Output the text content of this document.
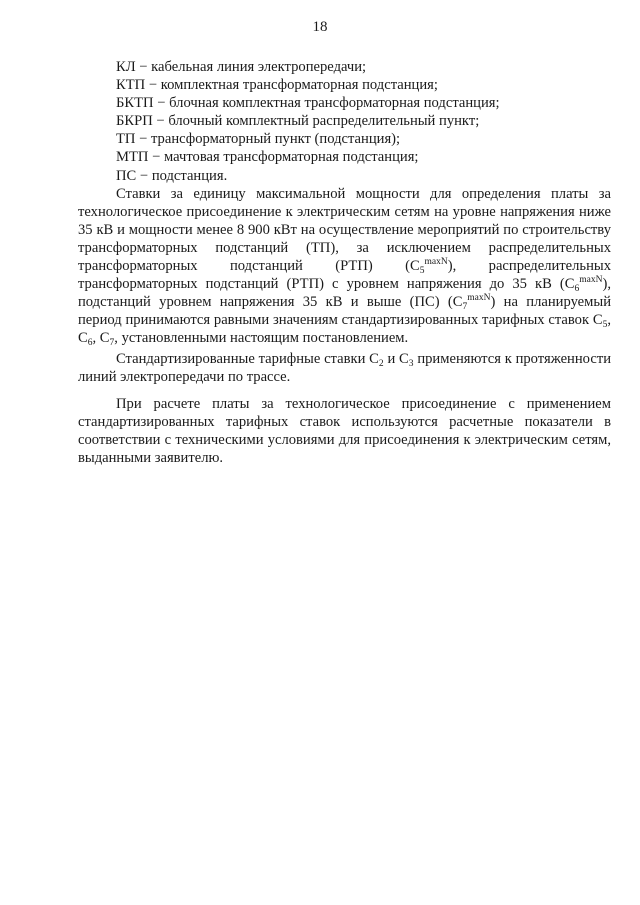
18

КЛ − кабельная линия электропередачи;

КТП − комплектная трансформаторная подстанция;

БКТП − блочная комплектная трансформаторная подстанция;

БКРП − блочный комплектный распределительный пункт;

ТП − трансформаторный пункт (подстанция);

МТП − мачтовая трансформаторная подстанция;

ПС − подстанция.

Ставки за единицу максимальной мощности для определения платы за технологическое присоединение к электрическим сетям на уровне напряжения ниже 35 кВ и мощности менее 8 900 кВт на осуществление мероприятий по строительству трансформаторных подстанций (ТП), за исключением распределительных трансформаторных подстанций (РТП) $(С_5^{maxN})$, распределительных трансформаторных подстанций (РТП) с уровнем напряжения до 35 кВ $(С_6^{maxN})$, подстанций уровнем напряжения 35 кВ и выше (ПС) $(С_7^{maxN})$ на планируемый период принимаются равными значениям стандартизированных тарифных ставок $С_5$, $С_6$, $С_7$, установленными настоящим постановлением.

Стандартизированные тарифные ставки $С_2$ и $С_3$ применяются к протяженности линий электропередачи по трассе.

При расчете платы за технологическое присоединение с применением стандартизированных тарифных ставок используются расчетные показатели в соответствии с техническими условиями для присоединения к электрическим сетям, выданными заявителю.
